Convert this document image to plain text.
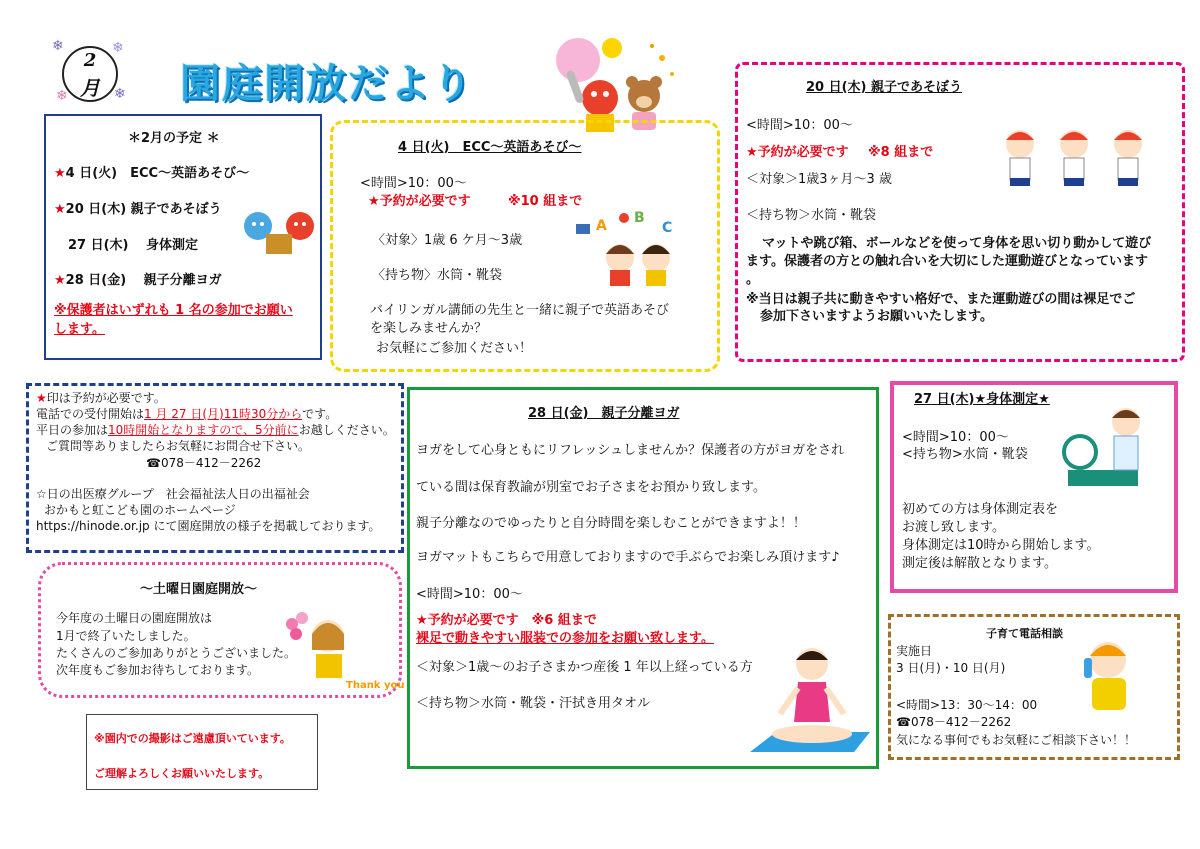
❄	❄
❄	❄
2
月	園庭開放だより
＊2月の予定 ＊
★4 日(火)　ECC～英語あそび～
★20 日(木) 親子であそぼう
27 日(木)　 身体測定
★28 日(金)　 親子分離ヨガ
※保護者はいずれも 1 名の参加でお願い
します。
4 日(火)　ECC～英語あそび～
<時間>10：00～
★予約が必要です	※10 組まで
〈対象〉1歳 6 ケ月～3歳
〈持ち物〉水筒・靴袋
バイリンガル講師の先生と一緒に親子で英語あそび
を楽しみませんか？
お気軽にご参加ください！
A B
C
20 日(木) 親子であそぼう
<時間>10：00～
★予約が必要です ※8 組まで
＜対象＞1歳3ヶ月～3 歳
＜持ち物＞水筒・靴袋
マットや跳び箱、ボールなどを使って身体を思い切り動かして遊び
ます。保護者の方との触れ合いを大切にした運動遊びとなっています
。
※当日は親子共に動きやすい格好で、また運動遊びの間は裸足でご
参加下さいますようお願いいたします。
★印は予約が必要です。
電話での受付開始は1 月 27 日(月)11時30分からです。
平日の参加は10時開始となりますので、5分前にお越しください。
ご質問等ありましたらお気軽にお問合せ下さい。
☎078－412－2262
☆日の出医療グループ　社会福祉法人日の出福祉会
おかもと虹こども園のホームページ
https://hinode.or.jp にて園庭開放の様子を掲載しております。
28 日(金)　親子分離ヨガ
ヨガをして心身ともにリフレッシュしませんか？保護者の方がヨガをされ
ている間は保育教諭が別室でお子さまをお預かり致します。
親子分離なのでゆったりと自分時間を楽しむことができますよ！！
ヨガマットもこちらで用意しておりますので手ぶらでお楽しみ頂けます♪
<時間>10：00～
★予約が必要です　※6 組まで
裸足で動きやすい服装での参加をお願い致します。
＜対象＞1歳～のお子さまかつ産後 1 年以上経っている方
＜持ち物＞水筒・靴袋・汗拭き用タオル
27 日(木)★身体測定★
<時間>10：00～
<持ち物>水筒・靴袋
初めての方は身体測定表を
お渡し致します。
身体測定は10時から開始します。
測定後は解散となります。
～土曜日園庭開放～
今年度の土曜日の園庭開放は
1月で終了いたしました。
たくさんのご参加ありがとうございました。
次年度もご参加お待ちしております。
Thank you
※園内での撮影はご遠慮頂いています。
ご理解よろしくお願いいたします。
子育て電話相談
実施日
3 日(月)・10 日(月)
<時間>13：30～14：00
☎078－412－2262
気になる事何でもお気軽にご相談下さい！！
